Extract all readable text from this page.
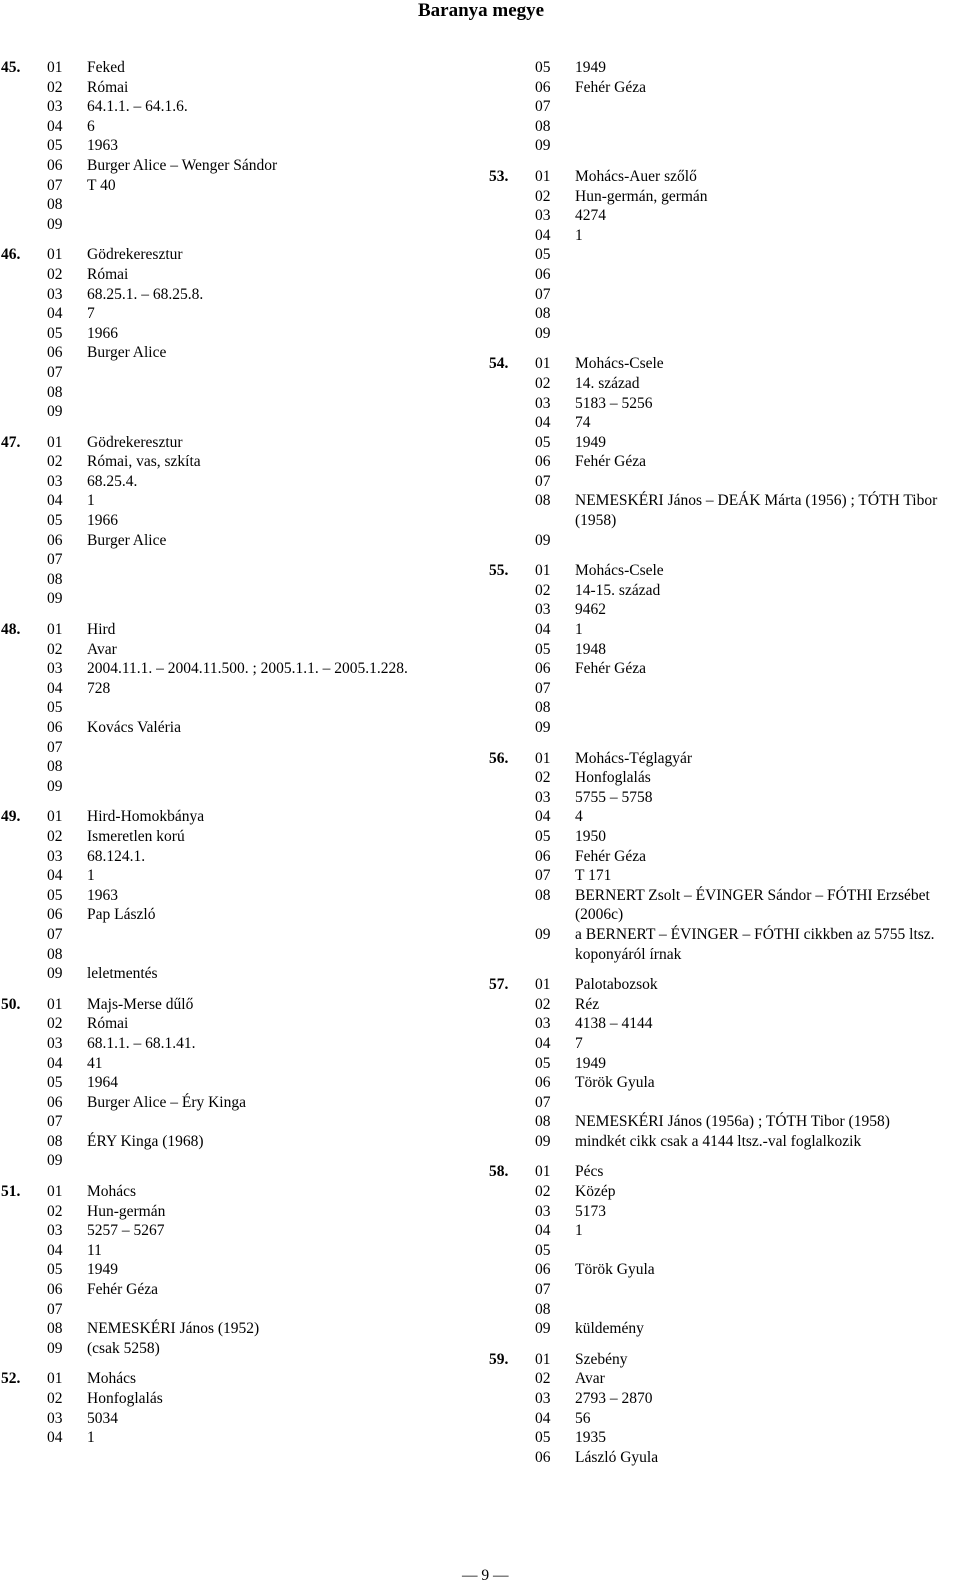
Baranya megye
45.	01	Feked
02	Római
03	64.1.1. – 64.1.6.
04	6
05	1963
06	Burger Alice – Wenger Sándor
07	T 40
08
09
46.	01	Gödrekeresztur
02	Római
03	68.25.1. – 68.25.8.
04	7
05	1966
06	Burger Alice
07
08
09
47.	01	Gödrekeresztur
02	Római, vas, szkíta
03	68.25.4.
04	1
05	1966
06	Burger Alice
07
08
09
48.	01	Hird
02	Avar
03	2004.11.1. – 2004.11.500. ; 2005.1.1. – 2005.1.228.
04	728
05
06	Kovács Valéria
07
08
09
49.	01	Hird-Homokbánya
02	Ismeretlen korú
03	68.124.1.
04	1
05	1963
06	Pap László
07
08
09	leletmentés
50.	01	Majs-Merse dűlő
02	Római
03	68.1.1. – 68.1.41.
04	41
05	1964
06	Burger Alice – Éry Kinga
07
08	ÉRY Kinga (1968)
09
51.	01	Mohács
02	Hun-germán
03	5257 – 5267
04	11
05	1949
06	Fehér Géza
07
08	NEMESKÉRI János (1952)
09	(csak 5258)
52.	01	Mohács
02	Honfoglalás
03	5034
04	1
05	1949
06	Fehér Géza
07
08
09
53.	01	Mohács-Auer szőlő
02	Hun-germán, germán
03	4274
04	1
05
06
07
08
09
54.	01	Mohács-Csele
02	14. század
03	5183 – 5256
04	74
05	1949
06	Fehér Géza
07
08	NEMESKÉRI János – DEÁK Márta (1956) ; TÓTH Tibor (1958)
09
55.	01	Mohács-Csele
02	14-15. század
03	9462
04	1
05	1948
06	Fehér Géza
07
08
09
56.	01	Mohács-Téglagyár
02	Honfoglalás
03	5755 – 5758
04	4
05	1950
06	Fehér Géza
07	T 171
08	BERNERT Zsolt – ÉVINGER Sándor – FÓTHI Erzsébet (2006c)
09	a BERNERT – ÉVINGER – FÓTHI cikkben az 5755 ltsz. koponyáról írnak
57.	01	Palotabozsok
02	Réz
03	4138 – 4144
04	7
05	1949
06	Török Gyula
07
08	NEMESKÉRI János (1956a) ; TÓTH Tibor (1958)
09	mindkét cikk csak a 4144 ltsz.-val foglalkozik
58.	01	Pécs
02	Közép
03	5173
04	1
05
06	Török Gyula
07
08
09	küldemény
59.	01	Szebény
02	Avar
03	2793 – 2870
04	56
05	1935
06	László Gyula
— 9 —
